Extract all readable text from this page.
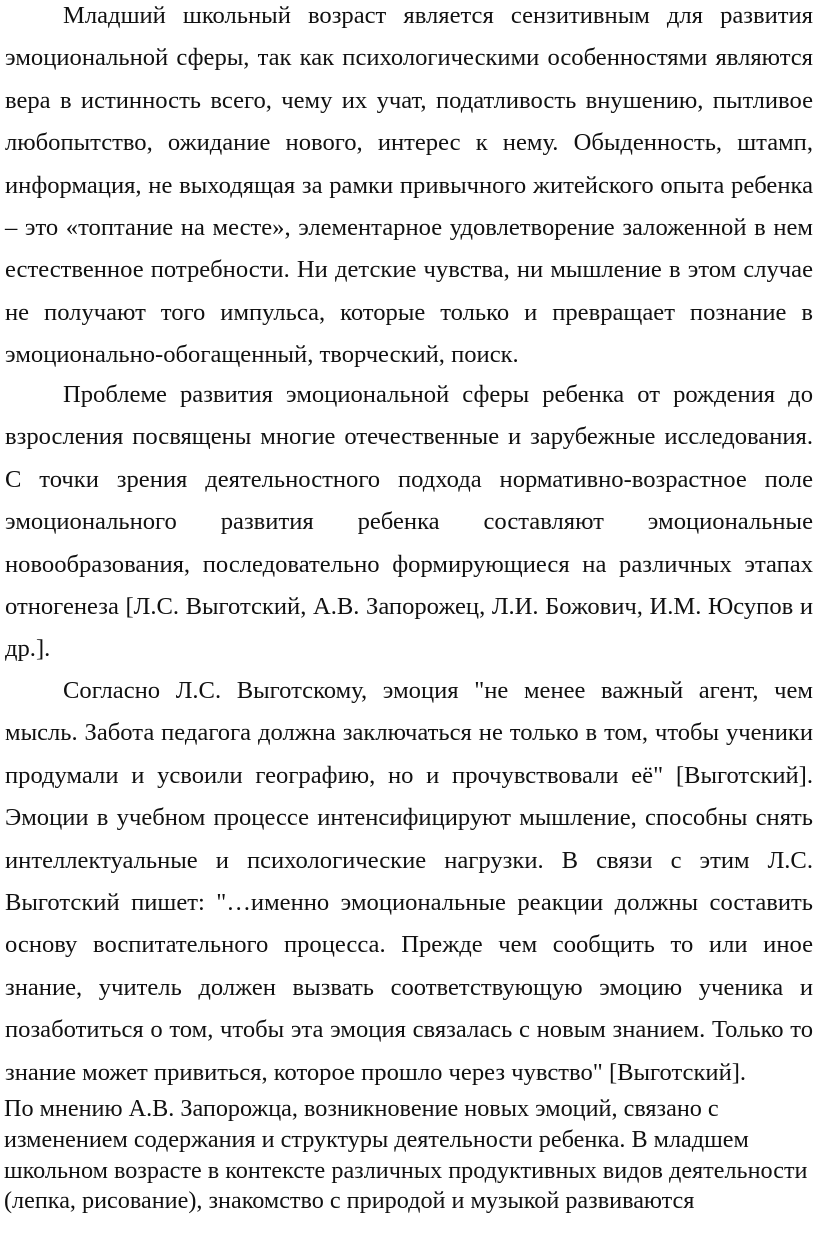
Младший школьный возраст является сензитивным для развития эмоциональной сферы, так как психологическими особенностями являются вера в истинность всего, чему их учат, податливость внушению, пытливое любопытство, ожидание нового, интерес к нему. Обыденность, штамп, информация, не выходящая за рамки привычного житейского опыта ребенка – это «топтание на месте», элементарное удовлетворение заложенной в нем естественное потребности. Ни детские чувства, ни мышление в этом случае не получают того импульса, которые только и превращает познание в эмоционально-обогащенный, творческий, поиск.

Проблеме развития эмоциональной сферы ребенка от рождения до взросления посвящены многие отечественные и зарубежные исследования. С точки зрения деятельностного подхода нормативно-возрастное поле эмоционального развития ребенка составляют эмоциональные новообразования, последовательно формирующиеся на различных этапах отногенеза [Л.С. Выготский, А.В. Запорожец, Л.И. Божович, И.М. Юсупов и др.].

Согласно Л.С. Выготскому, эмоция "не менее важный агент, чем мысль. Забота педагога должна заключаться не только в том, чтобы ученики продумали и усвоили географию, но и прочувствовали её" [Выготский]. Эмоции в учебном процессе интенсифицируют мышление, способны снять интеллектуальные и психологические нагрузки. В связи с этим Л.С. Выготский пишет: "…именно эмоциональные реакции должны составить основу воспитательного процесса. Прежде чем сообщить то или иное знание, учитель должен вызвать соответствующую эмоцию ученика и позаботиться о том, чтобы эта эмоция связалась с новым знанием. Только то знание может привиться, которое прошло через чувство" [Выготский].

По мнению А.В. Запорожца, возникновение новых эмоций, связано с изменением содержания и структуры деятельности ребенка. В младшем школьном возрасте в контексте различных продуктивных видов деятельности (лепка, рисование), знакомство с природой и музыкой развиваются
